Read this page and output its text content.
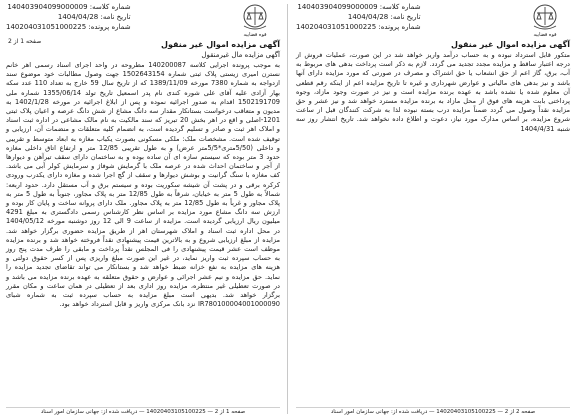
قوه قضاییه
شماره کلاسه: 140403904099000009
تاریخ نامه: 1404/04/28
شماره پرونده: 140204031051000225
آگهی مزایده اموال غیر منقول
متکور قابل استرداد نبوده و به حساب درآمد واریز خواهد شد در این صورت، عملیات فروش از درجه اعتبار ساقط و مزایده مجدد تجدید می گردد. لازم به ذکر است پرداخت بدهی های مربوط به آب، برق، گاز اعم از حق انشعاب یا حق اشتراک و مصرف در صورتی که مورد مزایده دارای آنها باشد و نیز بدهی های مالیاتی و عوارض شهرداری و غیره تا تاریخ مزایده اعم از اینکه رقم قطعی آن معلوم شده یا نشده باشد به عهده برنده مزایده است و نیز در صورت وجود مازاد، وجوه پرداختی بابت هزینه های فوق از محل مازاد به برنده مزایده مسترد خواهد شد و نیز عشر و حق مزایده نقداً وصول می گردد ضمناً مزایده درب بسته نبوده لذا به شرکت کنندگان قبل از ساعت شروع مزایده، بر اساس مدارک مورد نیاز، دعوت و اطلاع داده نخواهد شد. تاریخ انتشار روز سه شنبه 1404/4/31
صفحه 2 از 2 — 14020403105100225 — دریافت شده از: جهانی سازمان امور اسناد
قوه قضاییه
شماره کلاسه: 140403904099000009
تاریخ نامه: 1404/04/28
شماره پرونده: 140204031051000225
صفحه 1 از 2	آگهی مزایده اموال غیر منقول
آگهی مزایده مال غیرمنقول
به موجب پرونده اجرایی کلاسه 140200087 مطروحه در واحد اجرای اسناد رسمی اهر خانم نسترن امیری زیستی پلاک ثبتی شماره 1502643154 جهت وصول مطالبات خود موضوع سند ازدواجه به شماره 7380 مورخه 1389/11/09 که از تاریخ سال 59 خارج به تعداد 110 عدد سکه بهار آزادی علیه آقای علی شوره کندی نام پدر اسمعیل تاریخ تولد 1355/06/14 شماره ملی 1502191709 اقدام به صدور اجرائیه نموده و پس از ابلاغ اجرائیه در مورخه 1402/1/28 به مدیون و متعاقب درخواست بستانکار مقدار سه دانگ مشاع از شش دانگ عرصه و اعیان پلاک ثبتی 1201-اصلی و اقع در اهر بخش 20 تبریز که سند مالکیت به نام مالک مشاعی در اداره ثبت اسناد و املاک اهر ثبت و صادر و تسلیم گردیده است، به انضمام کلیه متعلقات و منضمات آن، ارزیابی و توقیف شده است. مشخصات ملک: ملکی مسکونی بصورت یکباب مغازه به ابعاد متوسط و تقریبی و داخلی (5/50متری*5/5متر عرض) و به طول تقریبی 12/85 متر و ارتفاع اتاق داخلی مغازه حدود 3 متر بوده که سیستم سازه ای آن ساده بوده و به ساختمان دارای سقف تیرآهن و دیوارها از آجر و ساختمان احداث شده در عرصه ملک با گرمایش شوفاژ و سرمایش کولر آبی می باشد. کف مغازه با سنگ گرانیت و بوشش دیوارها و سقف از گچ اجرا شده و مغازه دارای یکدرب ورودی کرکره برقی و در پشت آن شیشه سکوریت بوده و سیستم برق و آب مستقل دارد. حدود اربعه: شمالاً به طول 5 متر به خیابان، شرقاً به طول 12/85 متر به پلاک مجاور، جنوباً به طول 5 متر به پلاک مجاور و غرباً به طول 12/85 متر به پلاک مجاور. ملک دارای پروانه ساخت و پایان کار بوده و ارزش سه دانگ مشاع مورد مزایده بر اساس نظر کارشناس رسمی دادگستری به مبلغ 4291 میلیون ریال ارزیابی گردیده است. مزایده از ساعت 9 الی 12 روز دوشنبه مورخه 1404/05/12 در محل اداره ثبت اسناد و املاک شهرستان اهر از طریق مزایده حضوری برگزار خواهد شد. مزایده از مبلغ ارزیابی شروع و به بالاترین قیمت پیشنهادی نقداً فروخته خواهد شد و برنده مزایده موظف است عشر قیمت پیشنهادی را فی المجلس نقداً پرداخت و مابقی را ظرف مدت پنج روز به حساب سپرده ثبت واریز نماید، در غیر این صورت مبلغ واریزی پس از کسر حقوق دولتی و هزینه های مزایده به نفع خزانه ضبط خواهد شد و بستانکار می تواند تقاضای تجدید مزایده را نماید. حق مزایده و نیم عشر اجرائی و عوارض و حقوق متعلقه به عهده برنده مزایده می باشد و در صورت تعطیلی غیر منتظره، مزایده روز اداری بعد از تعطیلی در همان ساعت و مکان مقرر برگزار خواهد شد. بدیهی است مبلغ مزایده به حساب سپرده ثبت به شماره شبای IR780100004001000090 نزد بانک مرکزی واریز و قابل استرداد خواهد بود.
صفحه 1 از 2 — 14020403105100225 — دریافت شده از: جهانی سازمان امور اسناد
